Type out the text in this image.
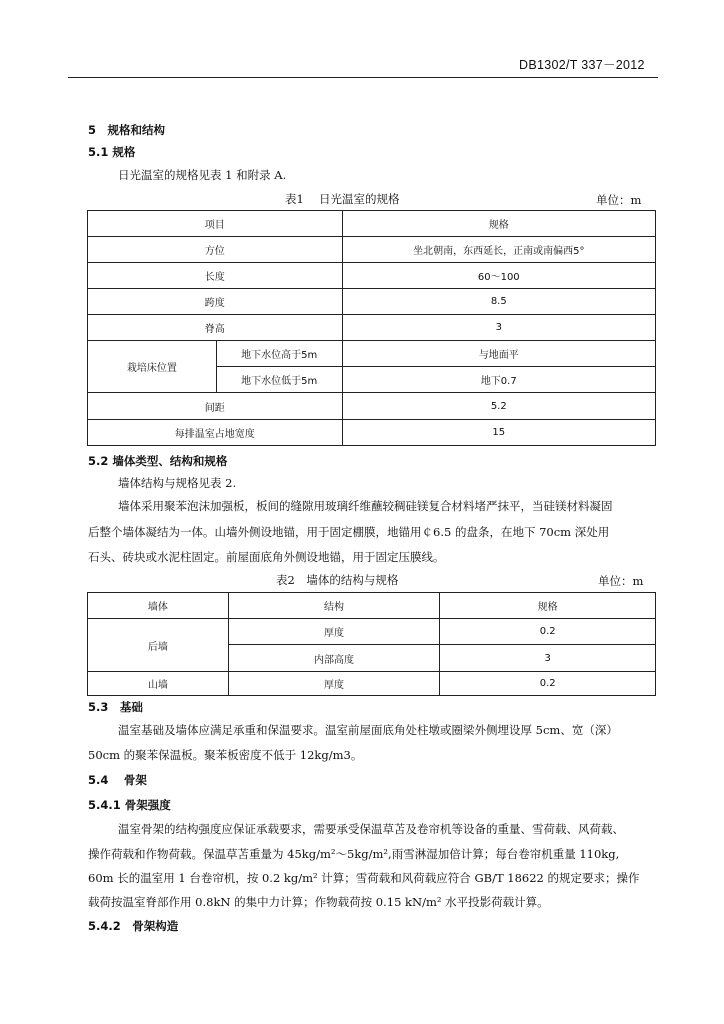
DB1302/T 337－2012
5　规格和结构
5.1 规格
日光温室的规格见表 1 和附录 A.
表1　 日光温室的规格	单位：m
项目		规格
方位		坐北朝南，东西延长，正南或南偏西5°
长度		60～100
跨度		8.5
脊高		3
栽培床位置	地下水位高于5m	与地面平
	地下水位低于5m	地下0.7
间距		5.2
每排温室占地宽度		15
5.2 墙体类型、结构和规格
墙体结构与规格见表 2.
墙体采用聚苯泡沫加强板，板间的缝隙用玻璃纤维蘸较稠硅镁复合材料堵严抹平，当硅镁材料凝固
后整个墙体凝结为一体。山墙外侧设地锚，用于固定棚膜，地锚用￠6.5 的盘条，在地下 70cm 深处用
石头、砖块或水泥柱固定。前屋面底角外侧设地锚，用于固定压膜线。
表2　墙体的结构与规格	单位：m
墙体	结构	规格
后墙	厚度	0.2
	内部高度	3
山墙	厚度	0.2
5.3　基础
温室基础及墙体应满足承重和保温要求。温室前屋面底角处柱墩或圈梁外侧埋设厚 5cm、宽（深）
50cm 的聚苯保温板。聚苯板密度不低于 12kg/m3。
5.4　 骨架
5.4.1 骨架强度
温室骨架的结构强度应保证承载要求，需要承受保温草苫及卷帘机等设备的重量、雪荷载、风荷载、
操作荷载和作物荷载。保温草苫重量为 45kg/m²～5kg/m²,雨雪淋湿加倍计算；每台卷帘机重量 110kg,
60m 长的温室用 1 台卷帘机，按 0.2 kg/m² 计算；雪荷载和风荷载应符合 GB/T 18622 的规定要求；操作
载荷按温室脊部作用 0.8kN 的集中力计算；作物载荷按 0.15 kN/m² 水平投影荷载计算。
5.4.2　骨架构造
